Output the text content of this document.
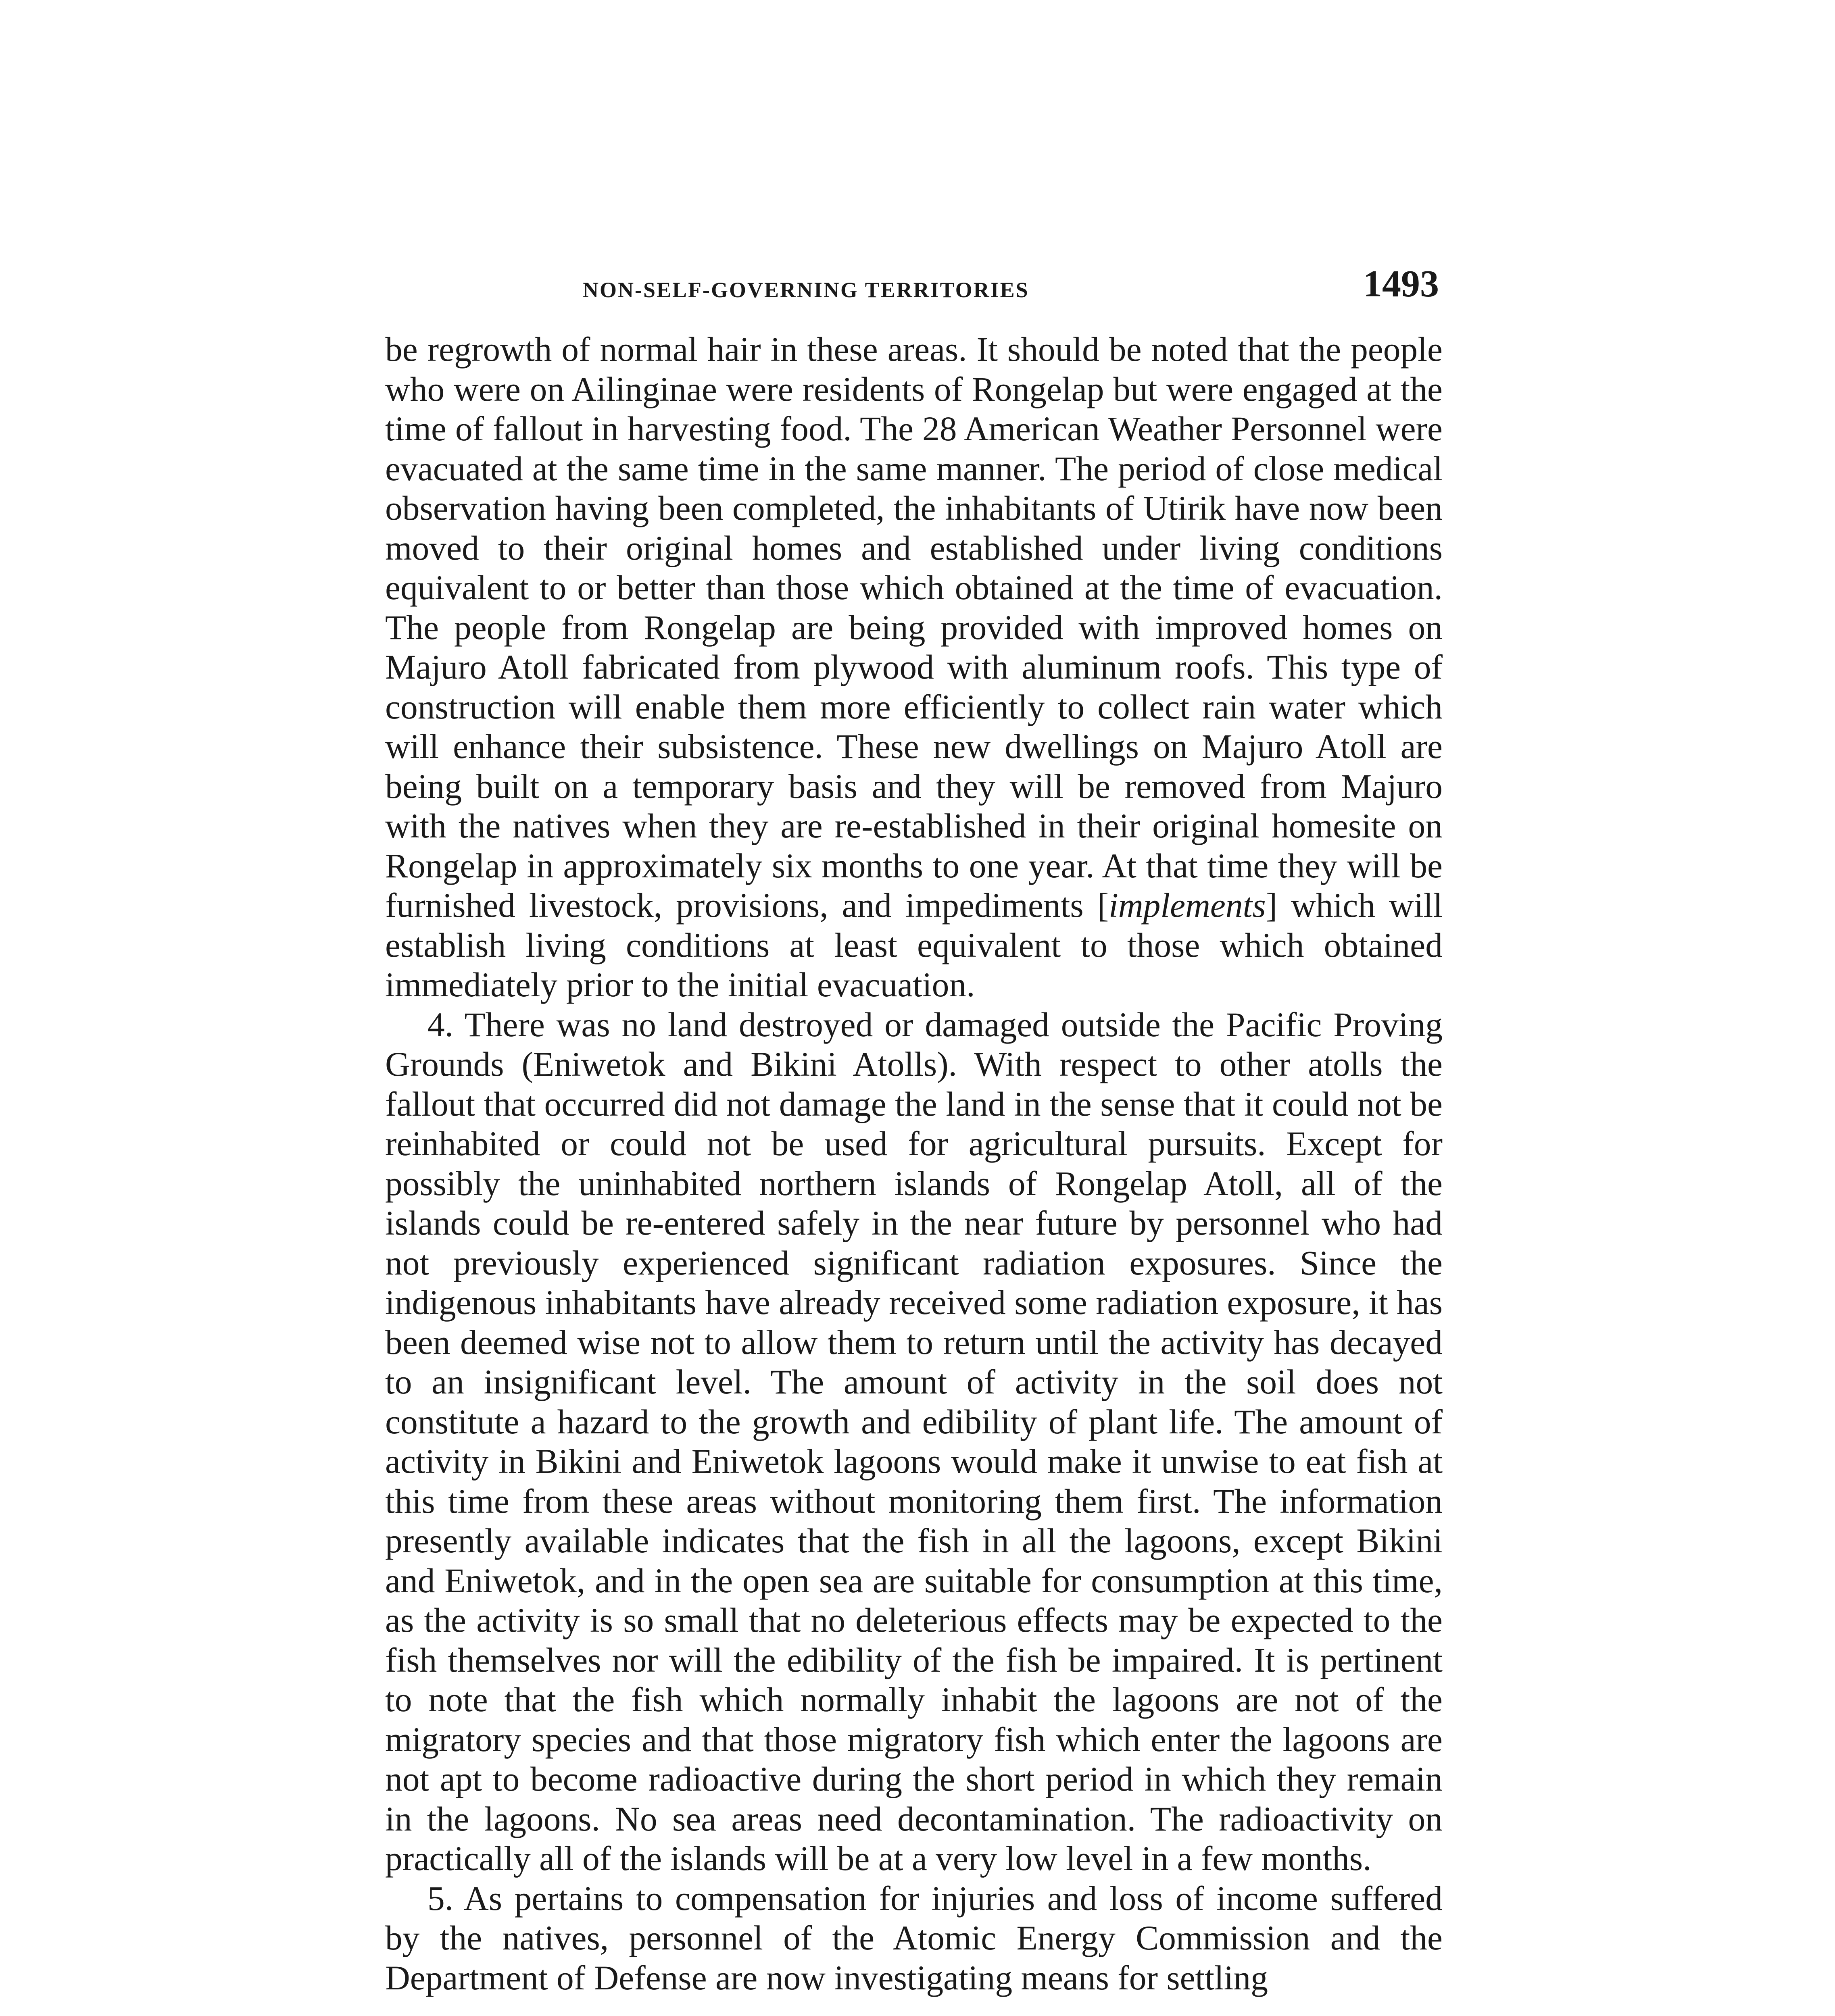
NON-SELF-GOVERNING TERRITORIES	1493

be regrowth of normal hair in these areas. It should be noted that the people who were on Ailinginae were residents of Rongelap but were engaged at the time of fallout in harvesting food. The 28 American Weather Personnel were evacuated at the same time in the same manner. The period of close medical observation having been completed, the inhabitants of Utirik have now been moved to their original homes and established under living conditions equivalent to or better than those which obtained at the time of evacuation. The people from Rongelap are being provided with improved homes on Majuro Atoll fabricated from plywood with aluminum roofs. This type of construction will enable them more efficiently to collect rain water which will enhance their subsistence. These new dwellings on Majuro Atoll are being built on a temporary basis and they will be removed from Majuro with the natives when they are re-established in their original homesite on Rongelap in approximately six months to one year. At that time they will be furnished livestock, provisions, and impediments [implements] which will establish living conditions at least equivalent to those which obtained immediately prior to the initial evacuation.

4. There was no land destroyed or damaged outside the Pacific Proving Grounds (Eniwetok and Bikini Atolls). With respect to other atolls the fallout that occurred did not damage the land in the sense that it could not be reinhabited or could not be used for agricultural pursuits. Except for possibly the uninhabited northern islands of Rongelap Atoll, all of the islands could be re-entered safely in the near future by personnel who had not previously experienced significant radiation exposures. Since the indigenous inhabitants have already received some radiation exposure, it has been deemed wise not to allow them to return until the activity has decayed to an insignificant level. The amount of activity in the soil does not constitute a hazard to the growth and edibility of plant life. The amount of activity in Bikini and Eniwetok lagoons would make it unwise to eat fish at this time from these areas without monitoring them first. The information presently available indicates that the fish in all the lagoons, except Bikini and Eniwetok, and in the open sea are suitable for consumption at this time, as the activity is so small that no deleterious effects may be expected to the fish themselves nor will the edibility of the fish be impaired. It is pertinent to note that the fish which normally inhabit the lagoons are not of the migratory species and that those migratory fish which enter the lagoons are not apt to become radioactive during the short period in which they remain in the lagoons. No sea areas need decontamination. The radioactivity on practically all of the islands will be at a very low level in a few months.

5. As pertains to compensation for injuries and loss of income suffered by the natives, personnel of the Atomic Energy Commission and the Department of Defense are now investigating means for settling
